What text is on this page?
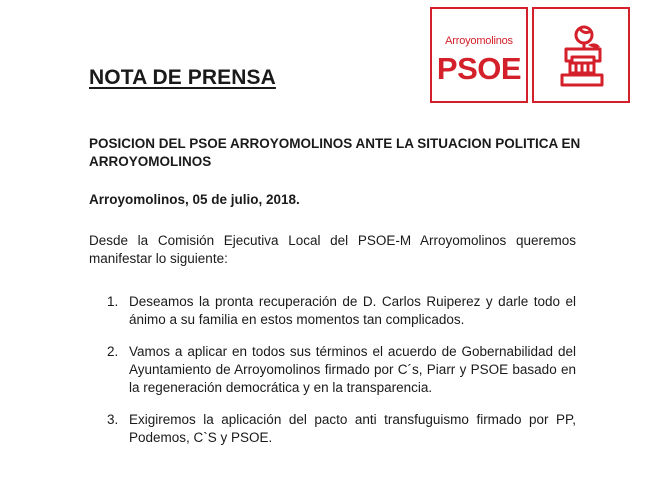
Arroyomolinos
PSOE
NOTA DE PRENSA
POSICION DEL PSOE ARROYOMOLINOS ANTE LA SITUACION POLITICA EN ARROYOMOLINOS
Arroyomolinos, 05 de julio, 2018.
Desde la Comisión Ejecutiva Local del PSOE-M Arroyomolinos queremos manifestar lo siguiente:
1. Deseamos la pronta recuperación de D. Carlos Ruiperez y darle todo el ánimo a su familia en estos momentos tan complicados.
2. Vamos a aplicar en todos sus términos el acuerdo de Gobernabilidad del Ayuntamiento de Arroyomolinos firmado por C´s, Piarr y PSOE basado en la regeneración democrática y en la transparencia.
3. Exigiremos la aplicación del pacto anti transfuguismo firmado por PP, Podemos, C`S y PSOE.
